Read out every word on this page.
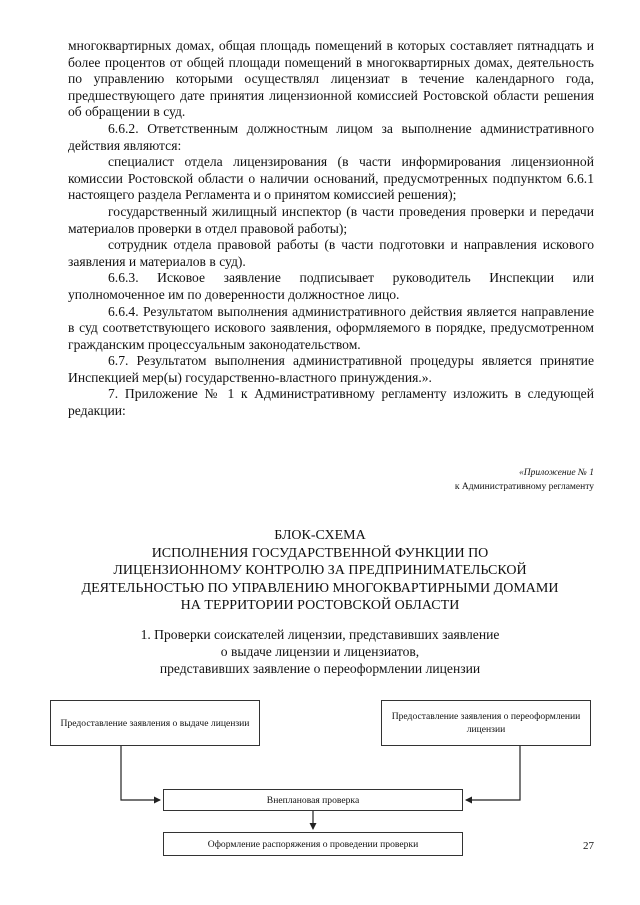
многоквартирных домах, общая площадь помещений в которых составляет пятнадцать и более процентов от общей площади помещений в многоквартирных домах, деятельность по управлению которыми осуществлял лицензиат в течение календарного года, предшествующего дате принятия лицензионной комиссией Ростовской области решения об обращении в суд.

6.6.2. Ответственным должностным лицом за выполнение административного действия являются:

специалист отдела лицензирования (в части информирования лицензионной комиссии Ростовской области о наличии оснований, предусмотренных подпунктом 6.6.1 настоящего раздела Регламента и о принятом комиссией решения);

государственный жилищный инспектор (в части проведения проверки и передачи материалов проверки в отдел правовой работы);

сотрудник отдела правовой работы (в части подготовки и направления искового заявления и материалов в суд).

6.6.3. Исковое заявление подписывает руководитель Инспекции или уполномоченное им по доверенности должностное лицо.

6.6.4. Результатом выполнения административного действия является направление в суд соответствующего искового заявления, оформляемого в порядке, предусмотренном гражданским процессуальным законодательством.

6.7. Результатом выполнения административной процедуры является принятие Инспекцией мер(ы) государственно-властного принуждения.».

7. Приложение № 1 к Административному регламенту изложить в следующей редакции:

«Приложение № 1
к Административному регламенту
БЛОК-СХЕМА
ИСПОЛНЕНИЯ ГОСУДАРСТВЕННОЙ ФУНКЦИИ ПО
ЛИЦЕНЗИОННОМУ КОНТРОЛЮ ЗА ПРЕДПРИНИМАТЕЛЬСКОЙ
ДЕЯТЕЛЬНОСТЬЮ ПО УПРАВЛЕНИЮ МНОГОКВАРТИРНЫМИ ДОМАМИ
НА ТЕРРИТОРИИ РОСТОВСКОЙ ОБЛАСТИ
1. Проверки соискателей лицензии, представивших заявление
о выдаче лицензии и лицензиатов,
представивших заявление о переоформлении лицензии
Предоставление заявления о выдаче лицензии
Предоставление заявления о переоформлении лицензии
Внеплановая проверка
Оформление распоряжения о проведении проверки	27
